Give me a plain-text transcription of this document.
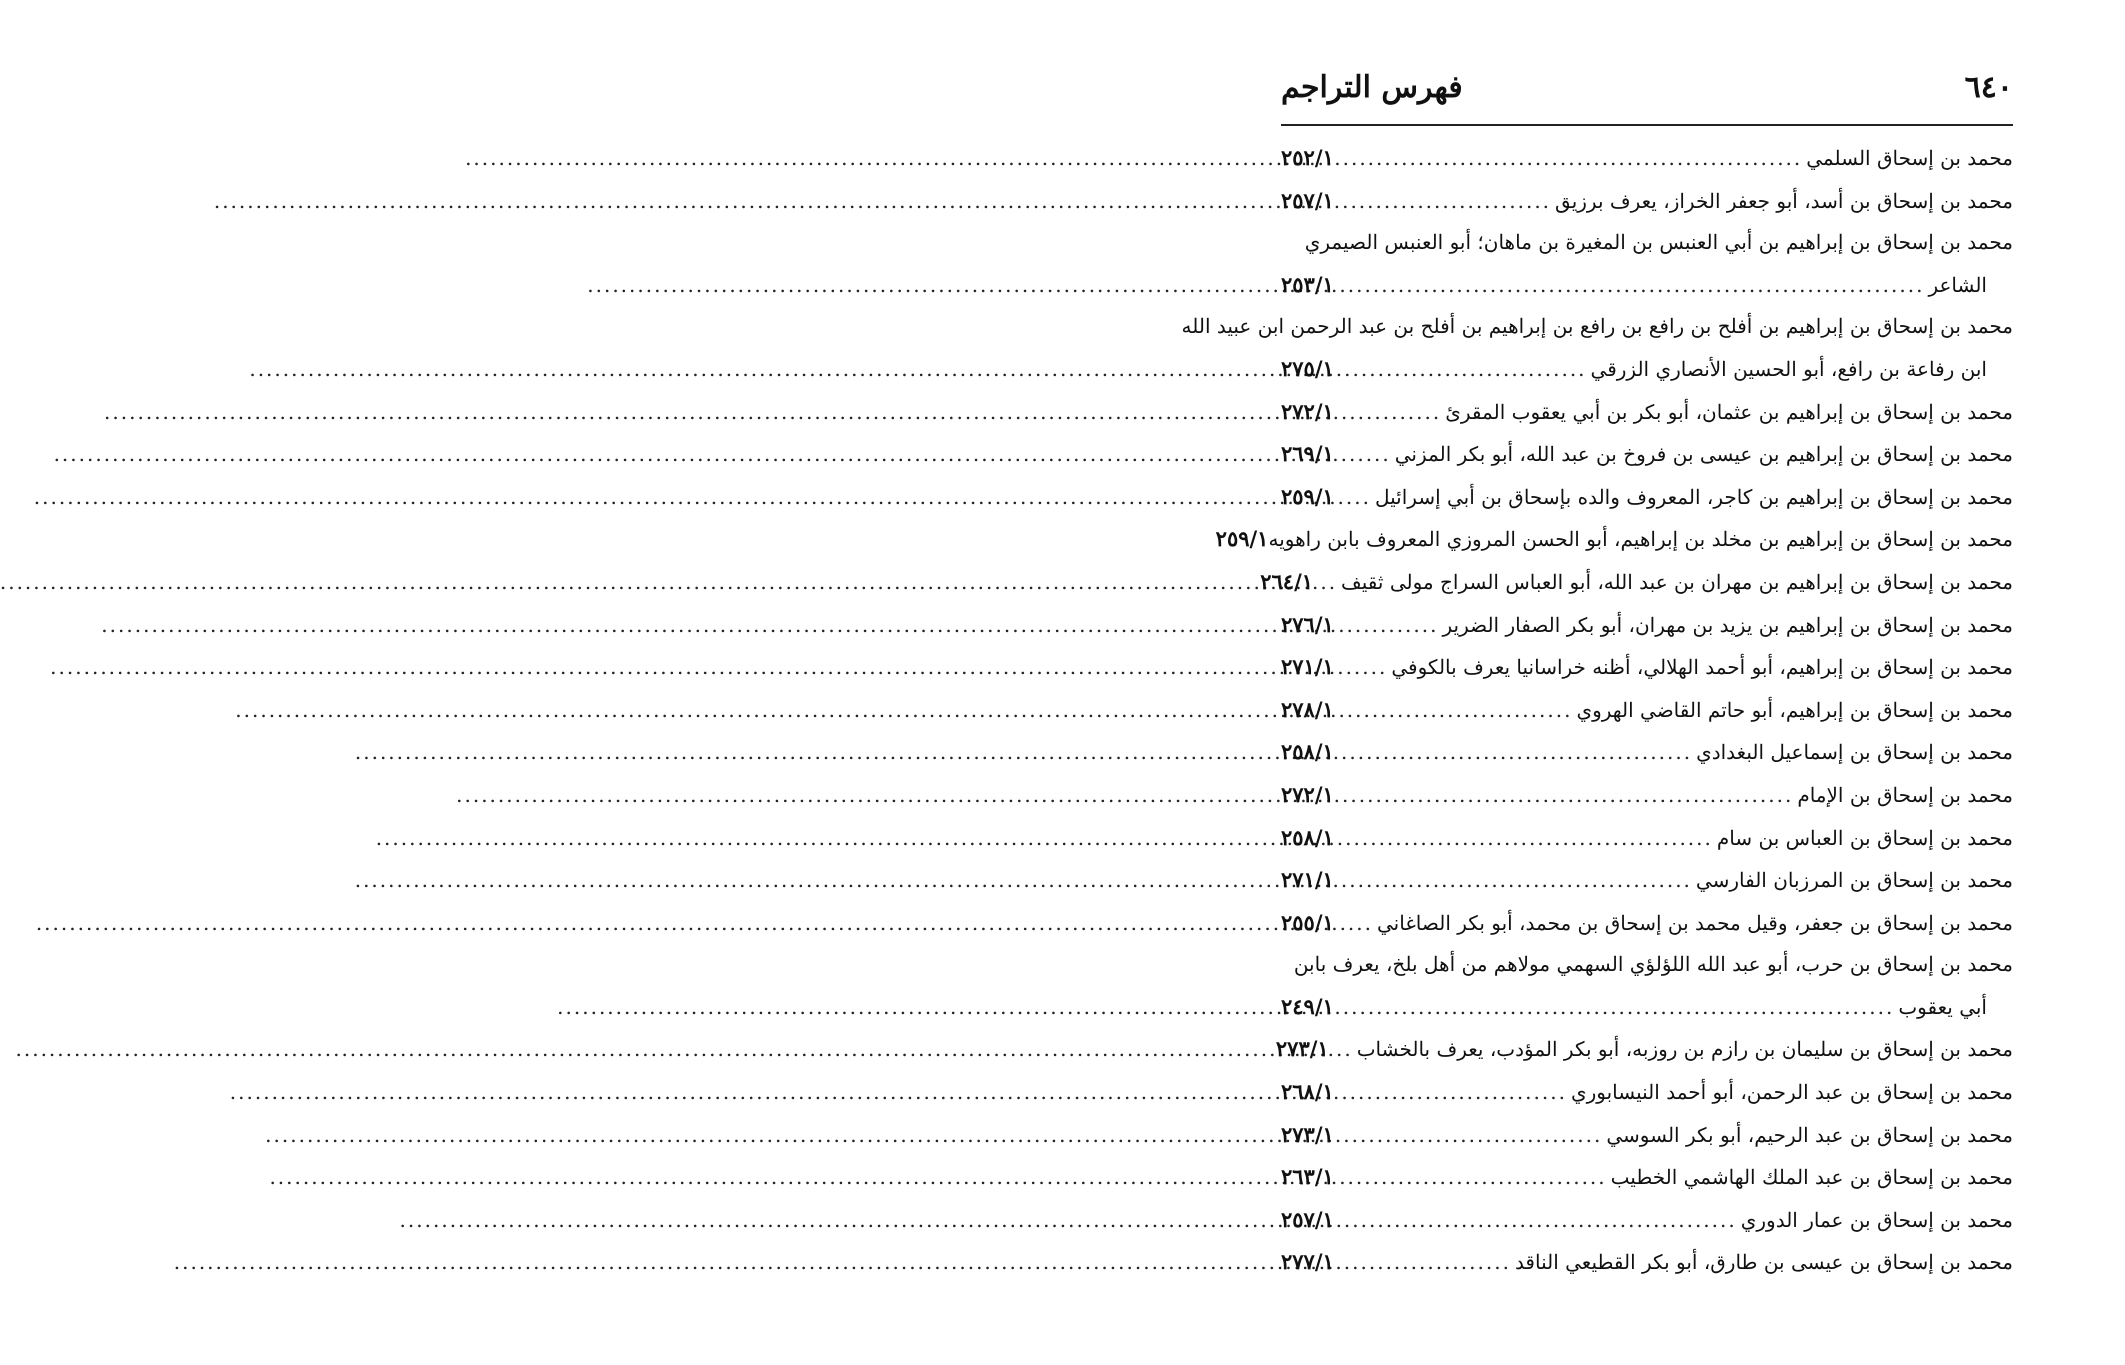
٦٤٠
فهرس التراجم
محمد بن إسحاق السلمي
.....
٢٥٢/١
محمد بن إسحاق بن أسد، أبو جعفر الخراز، يعرف برزيق
.....
٢٥٧/١
محمد بن إسحاق بن إبراهيم بن أبي العنبس بن المغيرة بن ماهان؛ أبو العنبس الصيمري
الشاعر
.....
٢٥٣/١
محمد بن إسحاق بن إبراهيم بن أفلح بن رافع بن رافع بن إبراهيم بن أفلح بن عبد الرحمن ابن عبيد الله
ابن رفاعة بن رافع، أبو الحسين الأنصاري الزرقي
.....
٢٧٥/١
محمد بن إسحاق بن إبراهيم بن عثمان، أبو بكر بن أبي يعقوب المقرئ
.....
٢٧٢/١
محمد بن إسحاق بن إبراهيم بن عيسى بن فروخ بن عبد الله، أبو بكر المزني
.....
٢٦٩/١
محمد بن إسحاق بن إبراهيم بن كاجر، المعروف والده بإسحاق بن أبي إسرائيل
.....
٢٥٩/١
محمد بن إسحاق بن إبراهيم بن مخلد بن إبراهيم، أبو الحسن المروزي المعروف بابن راهويه
٢٥٩/١
محمد بن إسحاق بن إبراهيم بن مهران بن عبد الله، أبو العباس السراج مولى ثقيف
.....
٢٦٤/١
محمد بن إسحاق بن إبراهيم بن يزيد بن مهران، أبو بكر الصفار الضرير
.....
٢٧٦/١
محمد بن إسحاق بن إبراهيم، أبو أحمد الهلالي، أظنه خراسانيا يعرف بالكوفي
.....
٢٧١/١
محمد بن إسحاق بن إبراهيم، أبو حاتم القاضي الهروي
.....
٢٧٨/١
محمد بن إسحاق بن إسماعيل البغدادي
.....
٢٥٨/١
محمد بن إسحاق بن الإمام
.....
٢٧٢/١
محمد بن إسحاق بن العباس بن سام
.....
٢٥٨/١
محمد بن إسحاق بن المرزبان الفارسي
.....
٢٧١/١
محمد بن إسحاق بن جعفر، وقيل محمد بن إسحاق بن محمد، أبو بكر الصاغاني
.....
٢٥٥/١
محمد بن إسحاق بن حرب، أبو عبد الله اللؤلؤي السهمي مولاهم من أهل بلخ، يعرف بابن
أبي يعقوب
.....
٢٤٩/١
محمد بن إسحاق بن سليمان بن رازم بن روزبه، أبو بكر المؤدب، يعرف بالخشاب
.....
٢٧٣/١
محمد بن إسحاق بن عبد الرحمن، أبو أحمد النيسابوري
.....
٢٦٨/١
محمد بن إسحاق بن عبد الرحيم، أبو بكر السوسي
.....
٢٧٣/١
محمد بن إسحاق بن عبد الملك الهاشمي الخطيب
.....
٢٦٣/١
محمد بن إسحاق بن عمار الدوري
.....
٢٥٧/١
محمد بن إسحاق بن عيسى بن طارق، أبو بكر القطيعي الناقد
.....
٢٧٧/١
